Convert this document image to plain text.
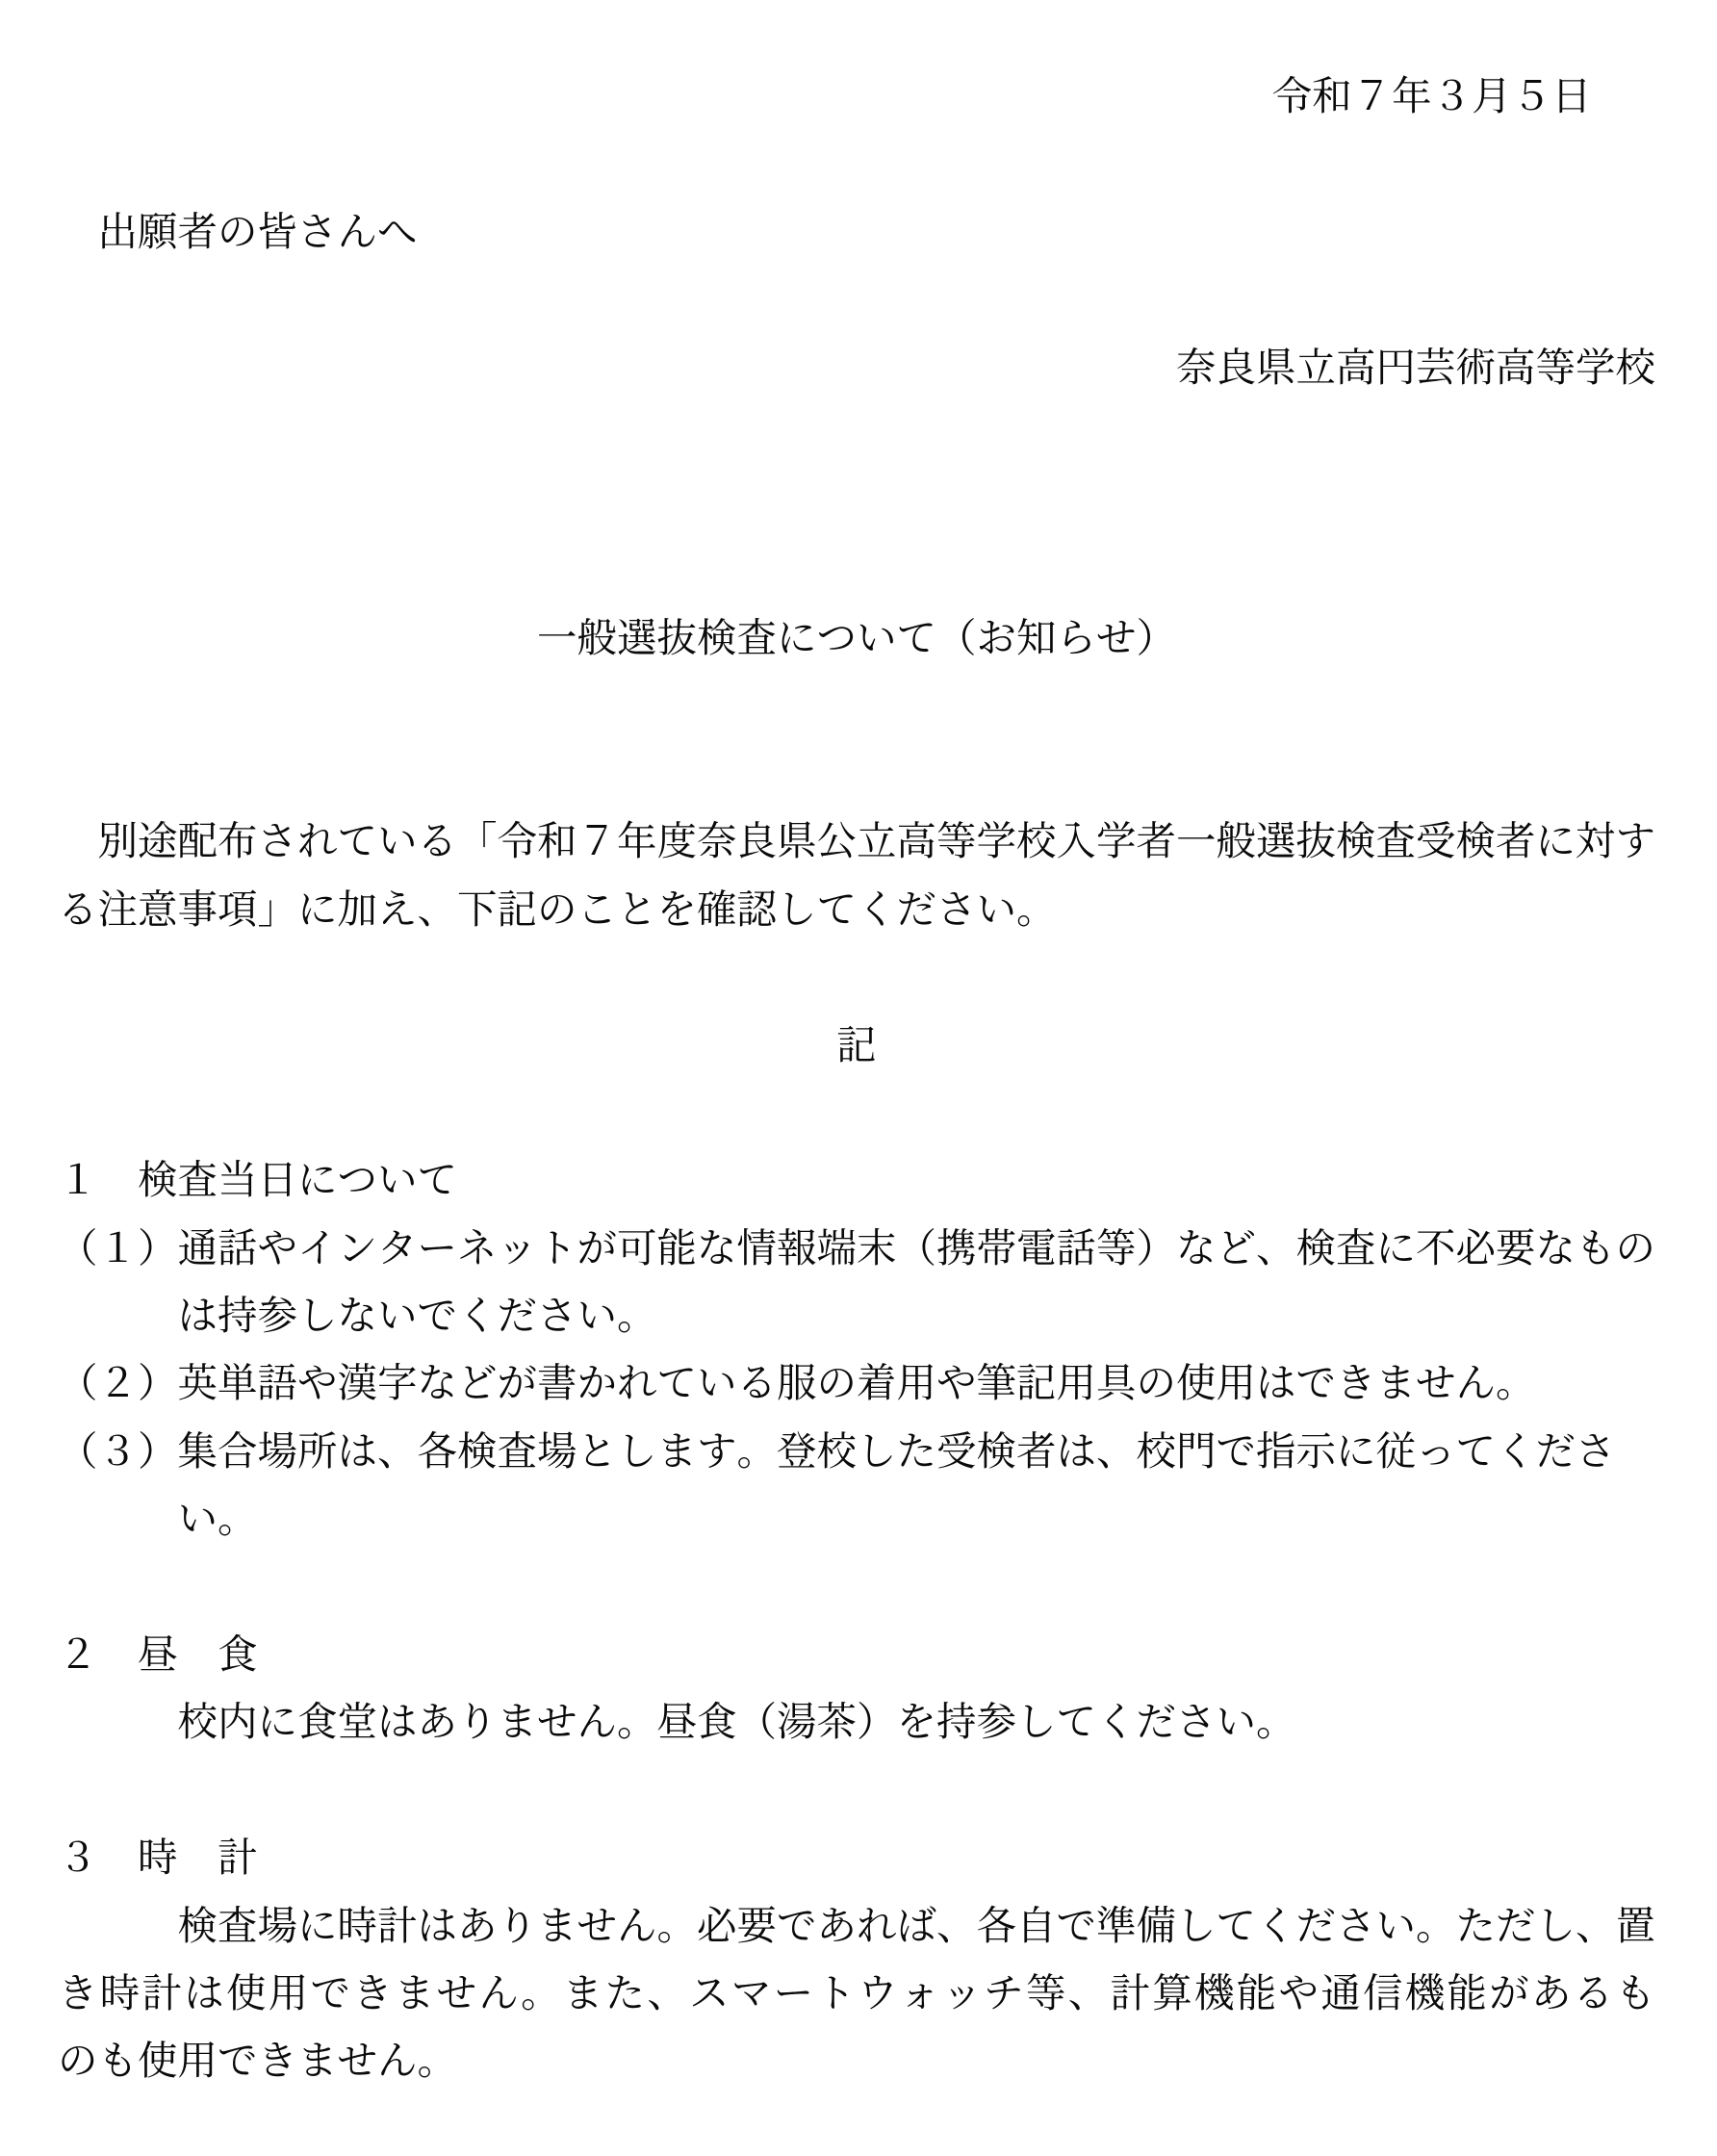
令和７年３月５日
出願者の皆さんへ
奈良県立高円芸術高等学校
一般選抜検査について（お知らせ）
別途配布されている「令和７年度奈良県公立高等学校入学者一般選抜検査受検者に対す
る注意事項」に加え、下記のことを確認してください。
記
１ 検査当日について
（１）通話やインターネットが可能な情報端末（携帯電話等）など、検査に不必要なもの
は持参しないでください。
（２）英単語や漢字などが書かれている服の着用や筆記用具の使用はできません。
（３）集合場所は、各検査場とします。登校した受検者は、校門で指示に従ってくださ
い。
２ 昼　食
校内に食堂はありません。昼食（湯茶）を持参してください。
３ 時　計
検査場に時計はありません。必要であれば、各自で準備してください。ただし、置
き時計は使用できません。また、スマートウォッチ等、計算機能や通信機能があるも
のも使用できません。
